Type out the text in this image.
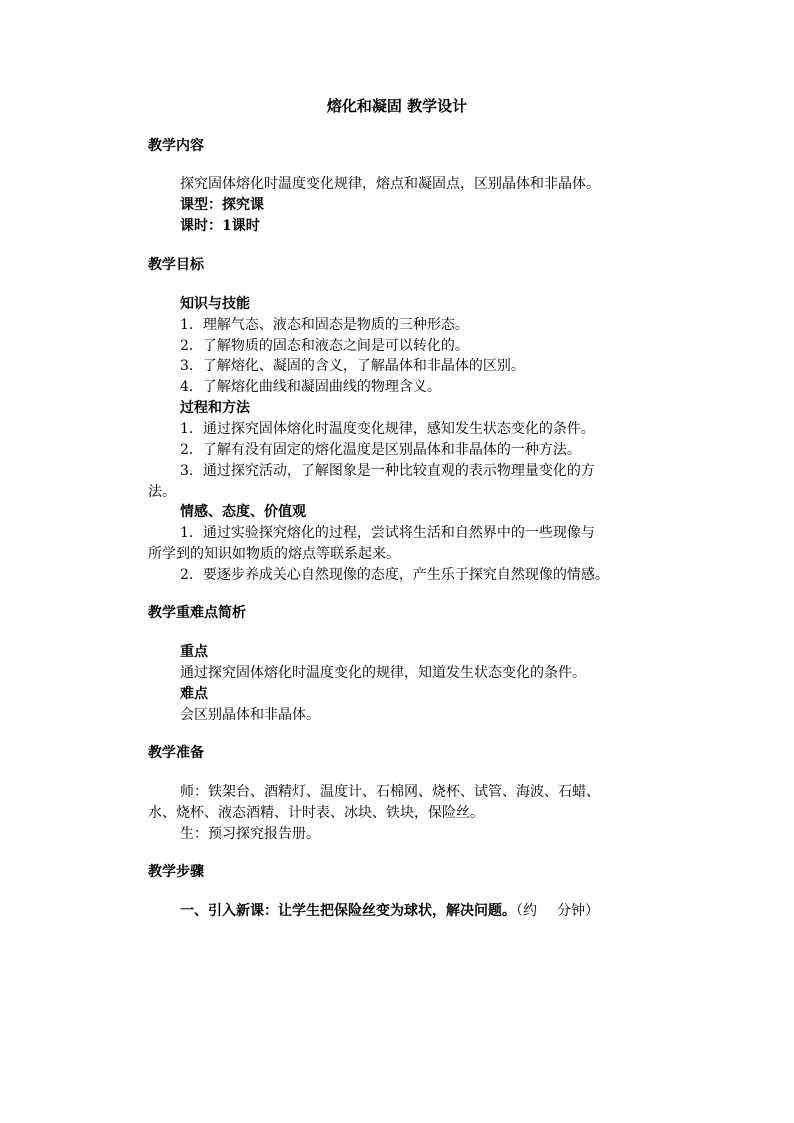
熔化和凝固 教学设计
教学内容
探究固体熔化时温度变化规律，熔点和凝固点，区别晶体和非晶体。
课型：探究课
课时：1课时
教学目标
知识与技能
1．理解气态、液态和固态是物质的三种形态。
2．了解物质的固态和液态之间是可以转化的。
3．了解熔化、凝固的含义，了解晶体和非晶体的区别。
4．了解熔化曲线和凝固曲线的物理含义。
过程和方法
1．通过探究固体熔化时温度变化规律，感知发生状态变化的条件。
2．了解有没有固定的熔化温度是区别晶体和非晶体的一种方法。
3．通过探究活动，了解图象是一种比较直观的表示物理量变化的方
法。
情感、态度、价值观
1．通过实验探究熔化的过程，尝试将生活和自然界中的一些现像与
所学到的知识如物质的熔点等联系起来。
2．要逐步养成关心自然现像的态度，产生乐于探究自然现像的情感。
教学重难点简析
重点
通过探究固体熔化时温度变化的规律，知道发生状态变化的条件。
难点
会区别晶体和非晶体。
教学准备
师：铁架台、酒精灯、温度计、石棉网、烧杯、试管、海波、石蜡、
水、烧杯、液态酒精、计时表、冰块、铁块，保险丝。
生：预习探究报告册。
教学步骤
一、引入新课：让学生把保险丝变为球状，解决问题。（约 分钟）
